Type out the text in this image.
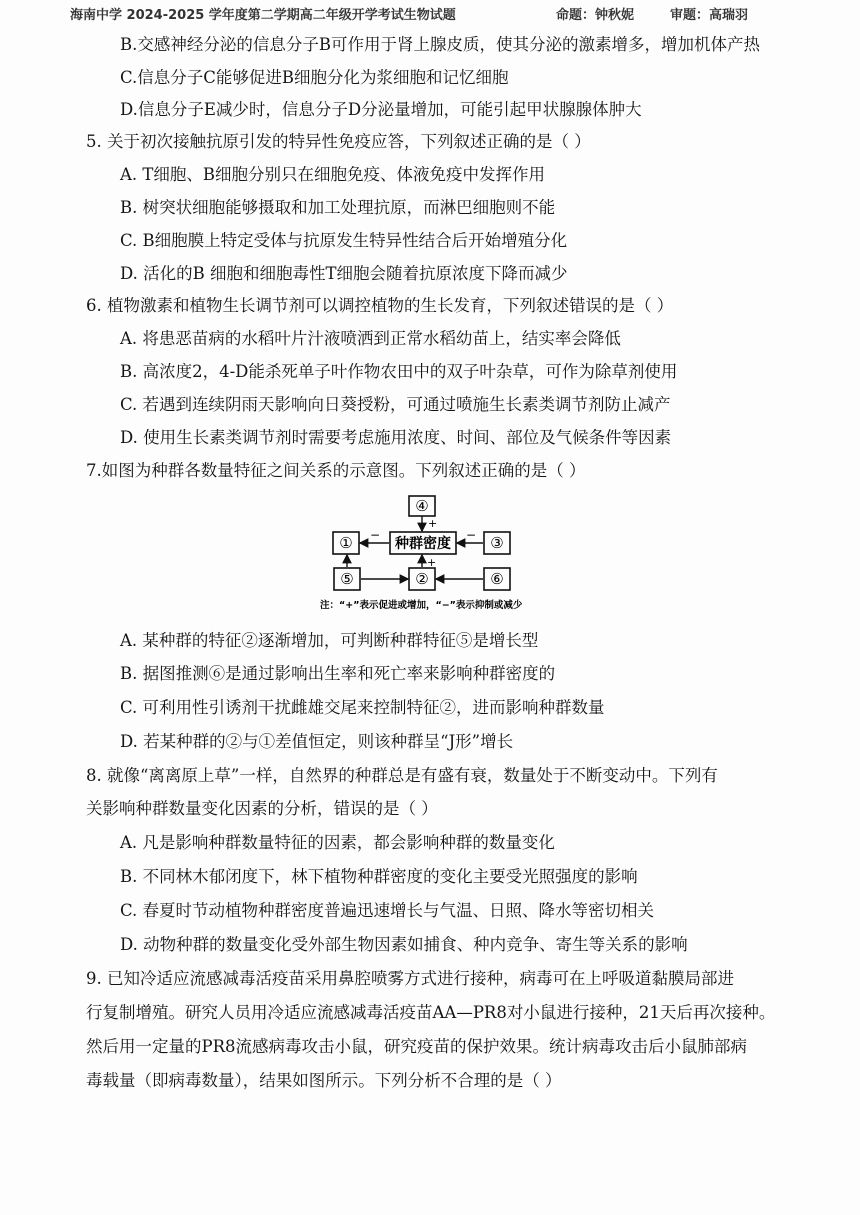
海南中学 2024-2025 学年度第二学期高二年级开学考试生物试题	命题：钟秋妮	审题：高瑞羽
B.交感神经分泌的信息分子B可作用于肾上腺皮质，使其分泌的激素增多，增加机体产热
C.信息分子C能够促进B细胞分化为浆细胞和记忆细胞
D.信息分子E减少时，信息分子D分泌量增加，可能引起甲状腺腺体肿大
5. 关于初次接触抗原引发的特异性免疫应答，下列叙述正确的是（ ）
A. T细胞、B细胞分别只在细胞免疫、体液免疫中发挥作用
B. 树突状细胞能够摄取和加工处理抗原，而淋巴细胞则不能
C. B细胞膜上特定受体与抗原发生特异性结合后开始增殖分化
D. 活化的B 细胞和细胞毒性T细胞会随着抗原浓度下降而减少
6. 植物激素和植物生长调节剂可以调控植物的生长发育，下列叙述错误的是（ ）
A. 将患恶苗病的水稻叶片汁液喷洒到正常水稻幼苗上，结实率会降低
B. 高浓度2，4-D能杀死单子叶作物农田中的双子叶杂草，可作为除草剂使用
C. 若遇到连续阴雨天影响向日葵授粉，可通过喷施生长素类调节剂防止减产
D. 使用生长素类调节剂时需要考虑施用浓度、时间、部位及气候条件等因素
7.如图为种群各数量特征之间关系的示意图。下列叙述正确的是（ ）
④
种群密度
①	③
⑤	②	⑥
+
−	−
+
注：“+”表示促进或增加，“−”表示抑制或减少
A. 某种群的特征②逐渐增加，可判断种群特征⑤是增长型
B. 据图推测⑥是通过影响出生率和死亡率来影响种群密度的
C. 可利用性引诱剂干扰雌雄交尾来控制特征②，进而影响种群数量
D. 若某种群的②与①差值恒定，则该种群呈“J形”增长
8. 就像“离离原上草”一样，自然界的种群总是有盛有衰，数量处于不断变动中。下列有
关影响种群数量变化因素的分析，错误的是（ ）
A. 凡是影响种群数量特征的因素，都会影响种群的数量变化
B. 不同林木郁闭度下，林下植物种群密度的变化主要受光照强度的影响
C. 春夏时节动植物种群密度普遍迅速增长与气温、日照、降水等密切相关
D. 动物种群的数量变化受外部生物因素如捕食、种内竞争、寄生等关系的影响
9. 已知冷适应流感减毒活疫苗采用鼻腔喷雾方式进行接种，病毒可在上呼吸道黏膜局部进
行复制增殖。研究人员用冷适应流感减毒活疫苗AA—PR8对小鼠进行接种，21天后再次接种。
然后用一定量的PR8流感病毒攻击小鼠，研究疫苗的保护效果。统计病毒攻击后小鼠肺部病
毒载量（即病毒数量），结果如图所示。下列分析不合理的是（ ）
